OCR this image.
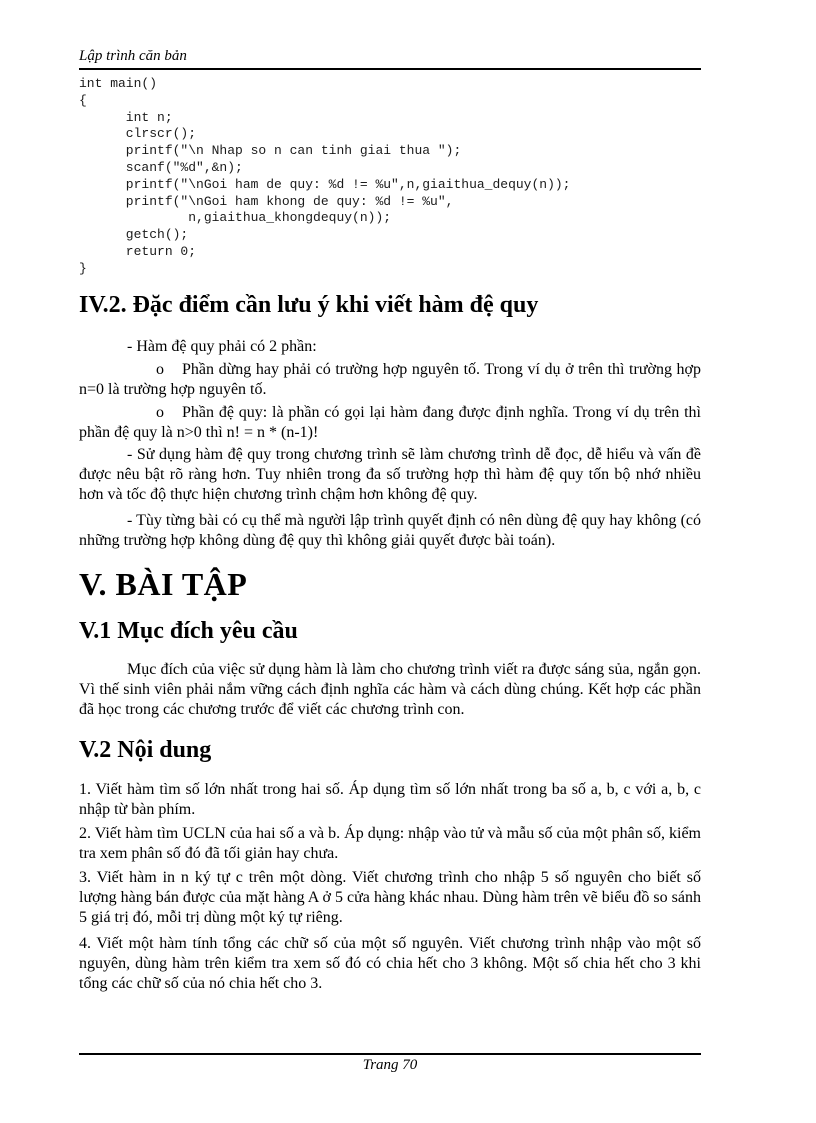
Lập trình căn bản
int main()
{
int n;
clrscr();
printf("\n Nhap so n can tinh giai thua ");
scanf("%d",&n);
printf("\nGoi ham de quy: %d != %u",n,giaithua_dequy(n));
printf("\nGoi ham khong de quy: %d != %u",
n,giaithua_khongdequy(n));
getch();
return 0;
}
IV.2. Đặc điểm cần lưu ý khi viết hàm đệ quy

- Hàm đệ quy phải có 2 phần:

o Phần dừng hay phải có trường hợp nguyên tố. Trong ví dụ ở trên thì trường hợp n=0 là trường hợp nguyên tố.

o Phần đệ quy: là phần có gọi lại hàm đang được định nghĩa. Trong ví dụ trên thì phần đệ quy là n>0 thì n! = n * (n-1)!

- Sử dụng hàm đệ quy trong chương trình sẽ làm chương trình dễ đọc, dễ hiểu và vấn đề được nêu bật rõ ràng hơn. Tuy nhiên trong đa số trường hợp thì hàm đệ quy tốn bộ nhớ nhiều hơn và tốc độ thực hiện chương trình chậm hơn không đệ quy.

- Tùy từng bài có cụ thể mà người lập trình quyết định có nên dùng đệ quy hay không (có những trường hợp không dùng đệ quy thì không giải quyết được bài toán).

V. BÀI TẬP
V.1 Mục đích yêu cầu

Mục đích của việc sử dụng hàm là làm cho chương trình viết ra được sáng sủa, ngắn gọn. Vì thế sinh viên phải nắm vững cách định nghĩa các hàm và cách dùng chúng. Kết hợp các phần đã học trong các chương trước để viết các chương trình con.

V.2 Nội dung

1. Viết hàm tìm số lớn nhất trong hai số. Áp dụng tìm số lớn nhất trong ba số a, b, c với a, b, c nhập từ bàn phím.

2. Viết hàm tìm UCLN của hai số a và b. Áp dụng: nhập vào tử và mẫu số của một phân số, kiểm tra xem phân số đó đã tối giản hay chưa.

3. Viết hàm in n ký tự c trên một dòng. Viết chương trình cho nhập 5 số nguyên cho biết số lượng hàng bán được của mặt hàng A ở 5 cửa hàng khác nhau. Dùng hàm trên vẽ biểu đồ so sánh 5 giá trị đó, mỗi trị dùng một ký tự riêng.

4. Viết một hàm tính tổng các chữ số của một số nguyên. Viết chương trình nhập vào một số nguyên, dùng hàm trên kiểm tra xem số đó có chia hết cho 3 không. Một số chia hết cho 3 khi tổng các chữ số của nó chia hết cho 3.

Trang 70
